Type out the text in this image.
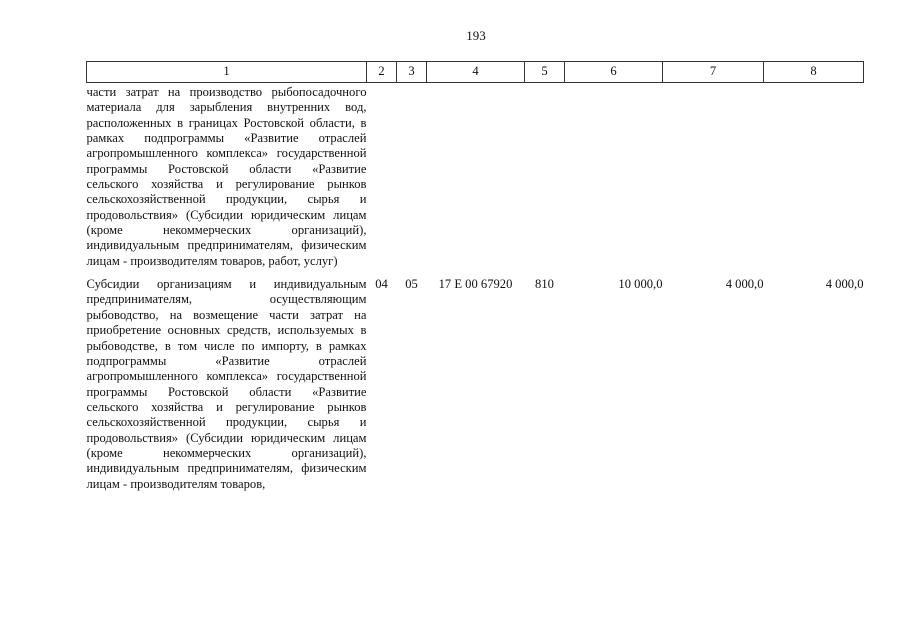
193
1	2	3	4	5	6	7	8
части затрат на производство рыбопосадочного материала для зарыбления внутренних вод, расположенных в границах Ростовской области, в рамках подпрограммы «Развитие отраслей агропромышленного комплекса» государственной программы Ростовской области «Развитие сельского хозяйства и регулирование рынков сельскохозяйственной продукции, сырья и продовольствия» (Субсидии юридическим лицам (кроме некоммерческих организаций), индивидуальным предпринимателям, физическим лицам - производителям товаров, работ, услуг)							
Субсидии организациям и индивидуальным предпринимателям, осуществляющим рыбоводство, на возмещение части затрат на приобретение основных средств, используемых в рыбоводстве, в том числе по импорту, в рамках подпрограммы «Развитие отраслей агропромышленного комплекса» государственной программы Ростовской области «Развитие сельского хозяйства и регулирование рынков сельскохозяйственной продукции, сырья и продовольствия» (Субсидии юридическим лицам (кроме некоммерческих организаций), индивидуальным предпринимателям, физическим лицам - производителям товаров,	04	05	17 Е 00 67920	810	10 000,0	4 000,0	4 000,0
